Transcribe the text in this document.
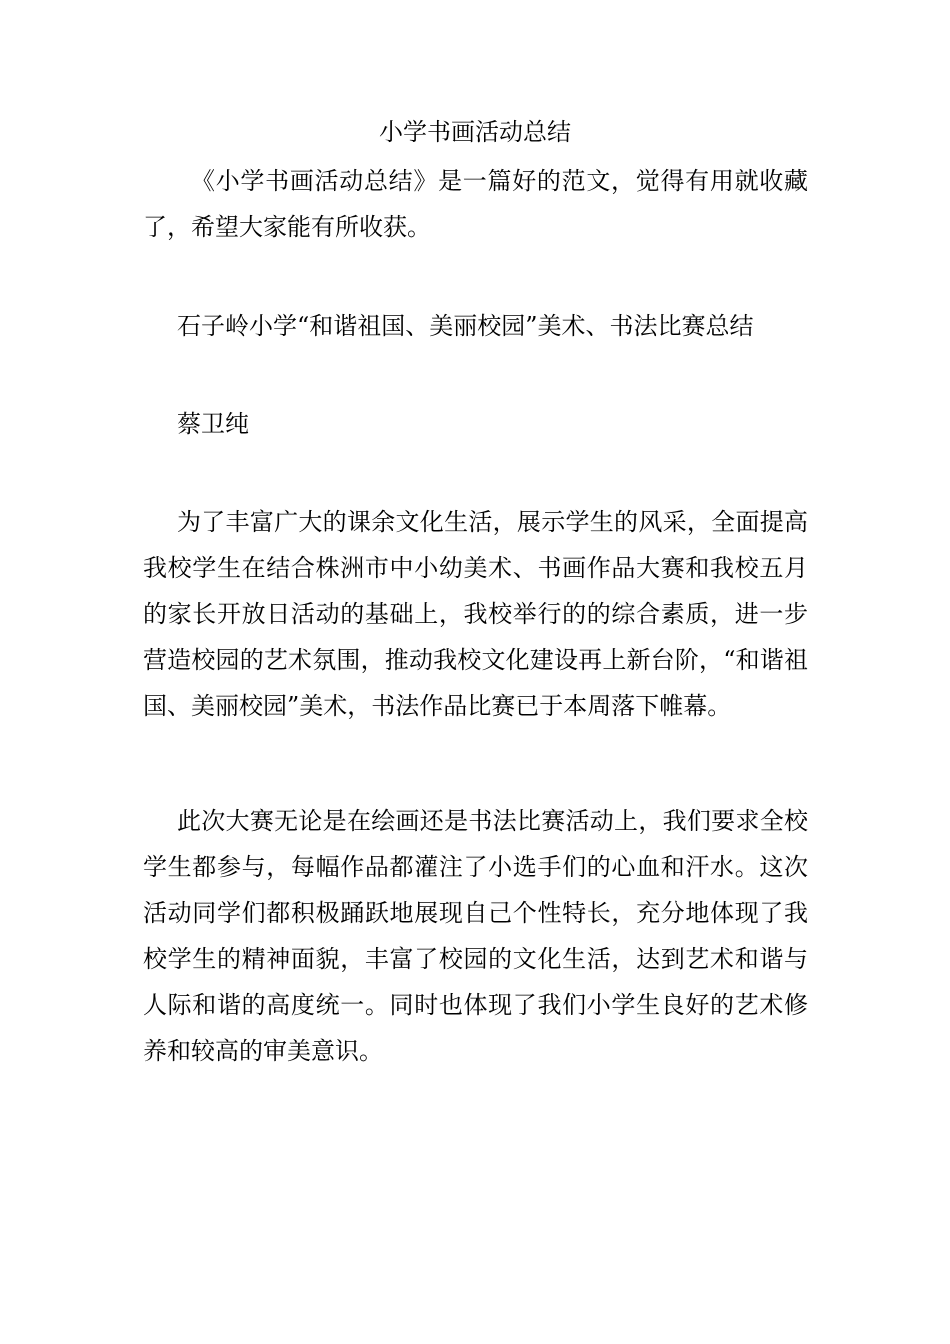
小学书画活动总结
《小学书画活动总结》是一篇好的范文，觉得有用就收藏了，希望大家能有所收获。
石子岭小学“和谐祖国、美丽校园”美术、书法比赛总结
蔡卫纯
为了丰富广大的课余文化生活，展示学生的风采，全面提高我校学生在结合株洲市中小幼美术、书画作品大赛和我校五月的家长开放日活动的基础上，我校举行的的综合素质，进一步营造校园的艺术氛围，推动我校文化建设再上新台阶，“和谐祖国、美丽校园”美术，书法作品比赛已于本周落下帷幕。
此次大赛无论是在绘画还是书法比赛活动上，我们要求全校学生都参与，每幅作品都灌注了小选手们的心血和汗水。这次活动同学们都积极踊跃地展现自己个性特长，充分地体现了我校学生的精神面貌，丰富了校园的文化生活，达到艺术和谐与人际和谐的高度统一。同时也体现了我们小学生良好的艺术修养和较高的审美意识。
